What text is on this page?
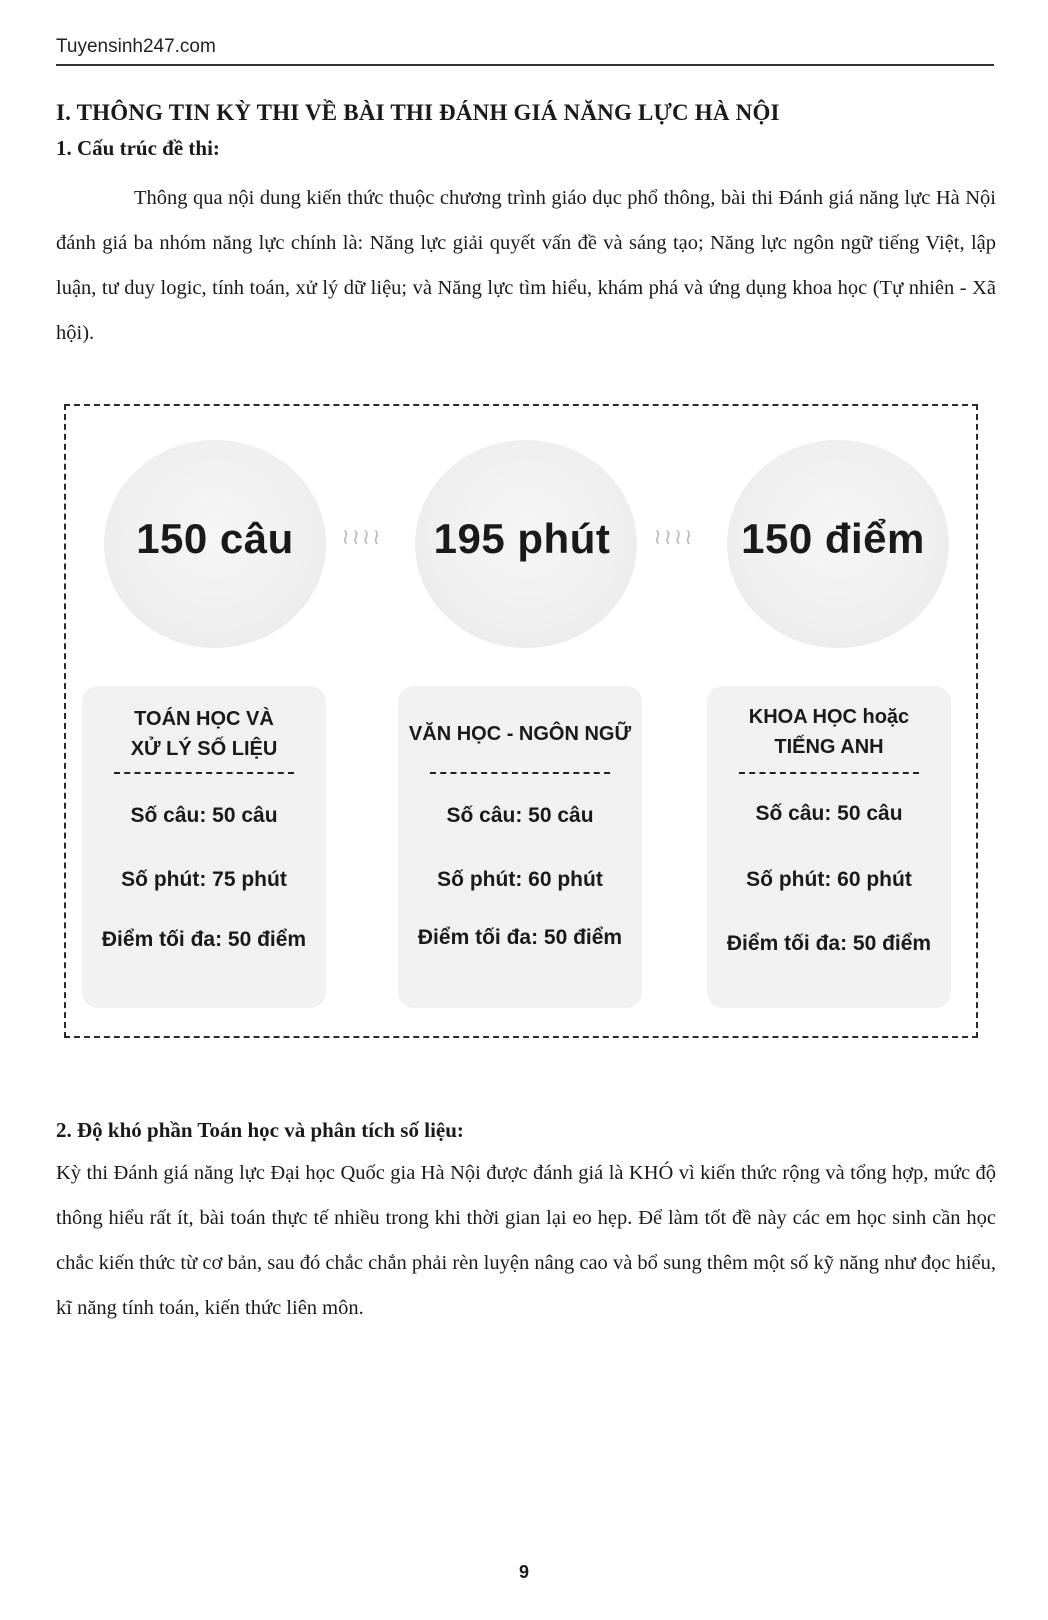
Tuyensinh247.com
I. THÔNG TIN KỲ THI VỀ BÀI THI ĐÁNH GIÁ NĂNG LỰC HÀ NỘI
1. Cấu trúc đề thi:

Thông qua nội dung kiến thức thuộc chương trình giáo dục phổ thông, bài thi Đánh giá năng lực Hà Nội đánh giá ba nhóm năng lực chính là: Năng lực giải quyết vấn đề và sáng tạo; Năng lực ngôn ngữ tiếng Việt, lập luận, tư duy logic, tính toán, xử lý dữ liệu; và Năng lực tìm hiểu, khám phá và ứng dụng khoa học (Tự nhiên - Xã hội).

150 câu	195 phút	150 điểm
≀≀≀≀	≀≀≀≀
TOÁN HỌC VÀ
XỬ LÝ SỐ LIỆU
Số câu: 50 câu
Số phút: 75 phút
Điểm tối đa: 50 điểm
VĂN HỌC - NGÔN NGỮ
Số câu: 50 câu
Số phút: 60 phút
Điểm tối đa: 50 điểm
KHOA HỌC hoặc
TIẾNG ANH
Số câu: 50 câu
Số phút: 60 phút
Điểm tối đa: 50 điểm
2. Độ khó phần Toán học và phân tích số liệu:

Kỳ thi Đánh giá năng lực Đại học Quốc gia Hà Nội được đánh giá là KHÓ vì kiến thức rộng và tổng hợp, mức độ thông hiểu rất ít, bài toán thực tế nhiều trong khi thời gian lại eo hẹp. Để làm tốt đề này các em học sinh cần học chắc kiến thức từ cơ bản, sau đó chắc chắn phải rèn luyện nâng cao và bổ sung thêm một số kỹ năng như đọc hiểu, kĩ năng tính toán, kiến thức liên môn.

9
